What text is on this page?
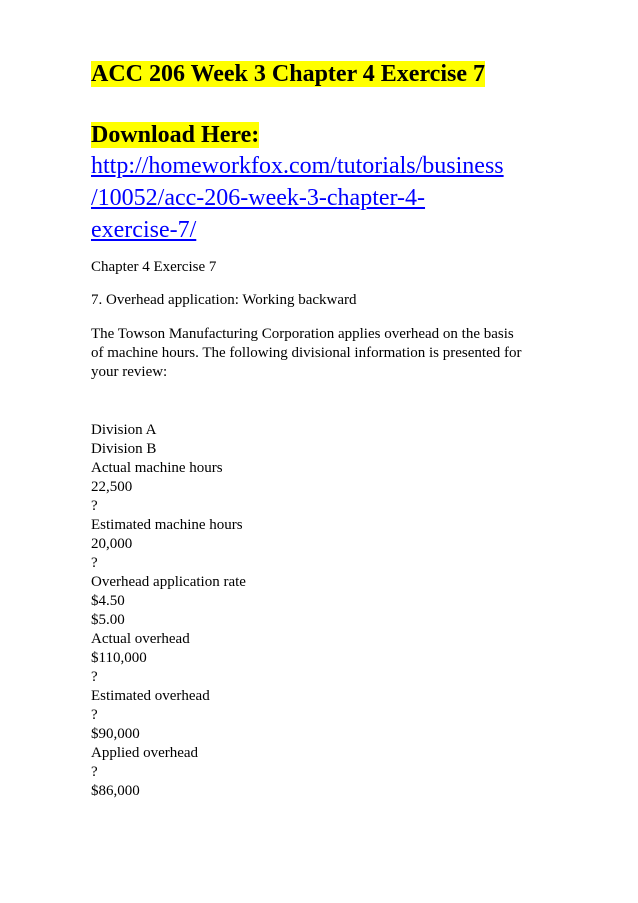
ACC 206 Week 3 Chapter 4 Exercise 7

Download Here:

http://homeworkfox.com/tutorials/business
/10052/acc-206-week-3-chapter-4-
exercise-7/

Chapter 4 Exercise 7

7. Overhead application: Working backward

The Towson Manufacturing Corporation applies overhead on the basis
of machine hours. The following divisional information is presented for
your review:

Division A
Division B
Actual machine hours
22,500
?
Estimated machine hours
20,000
?
Overhead application rate
$4.50
$5.00
Actual overhead
$110,000
?
Estimated overhead
?
$90,000
Applied overhead
?
$86,000
